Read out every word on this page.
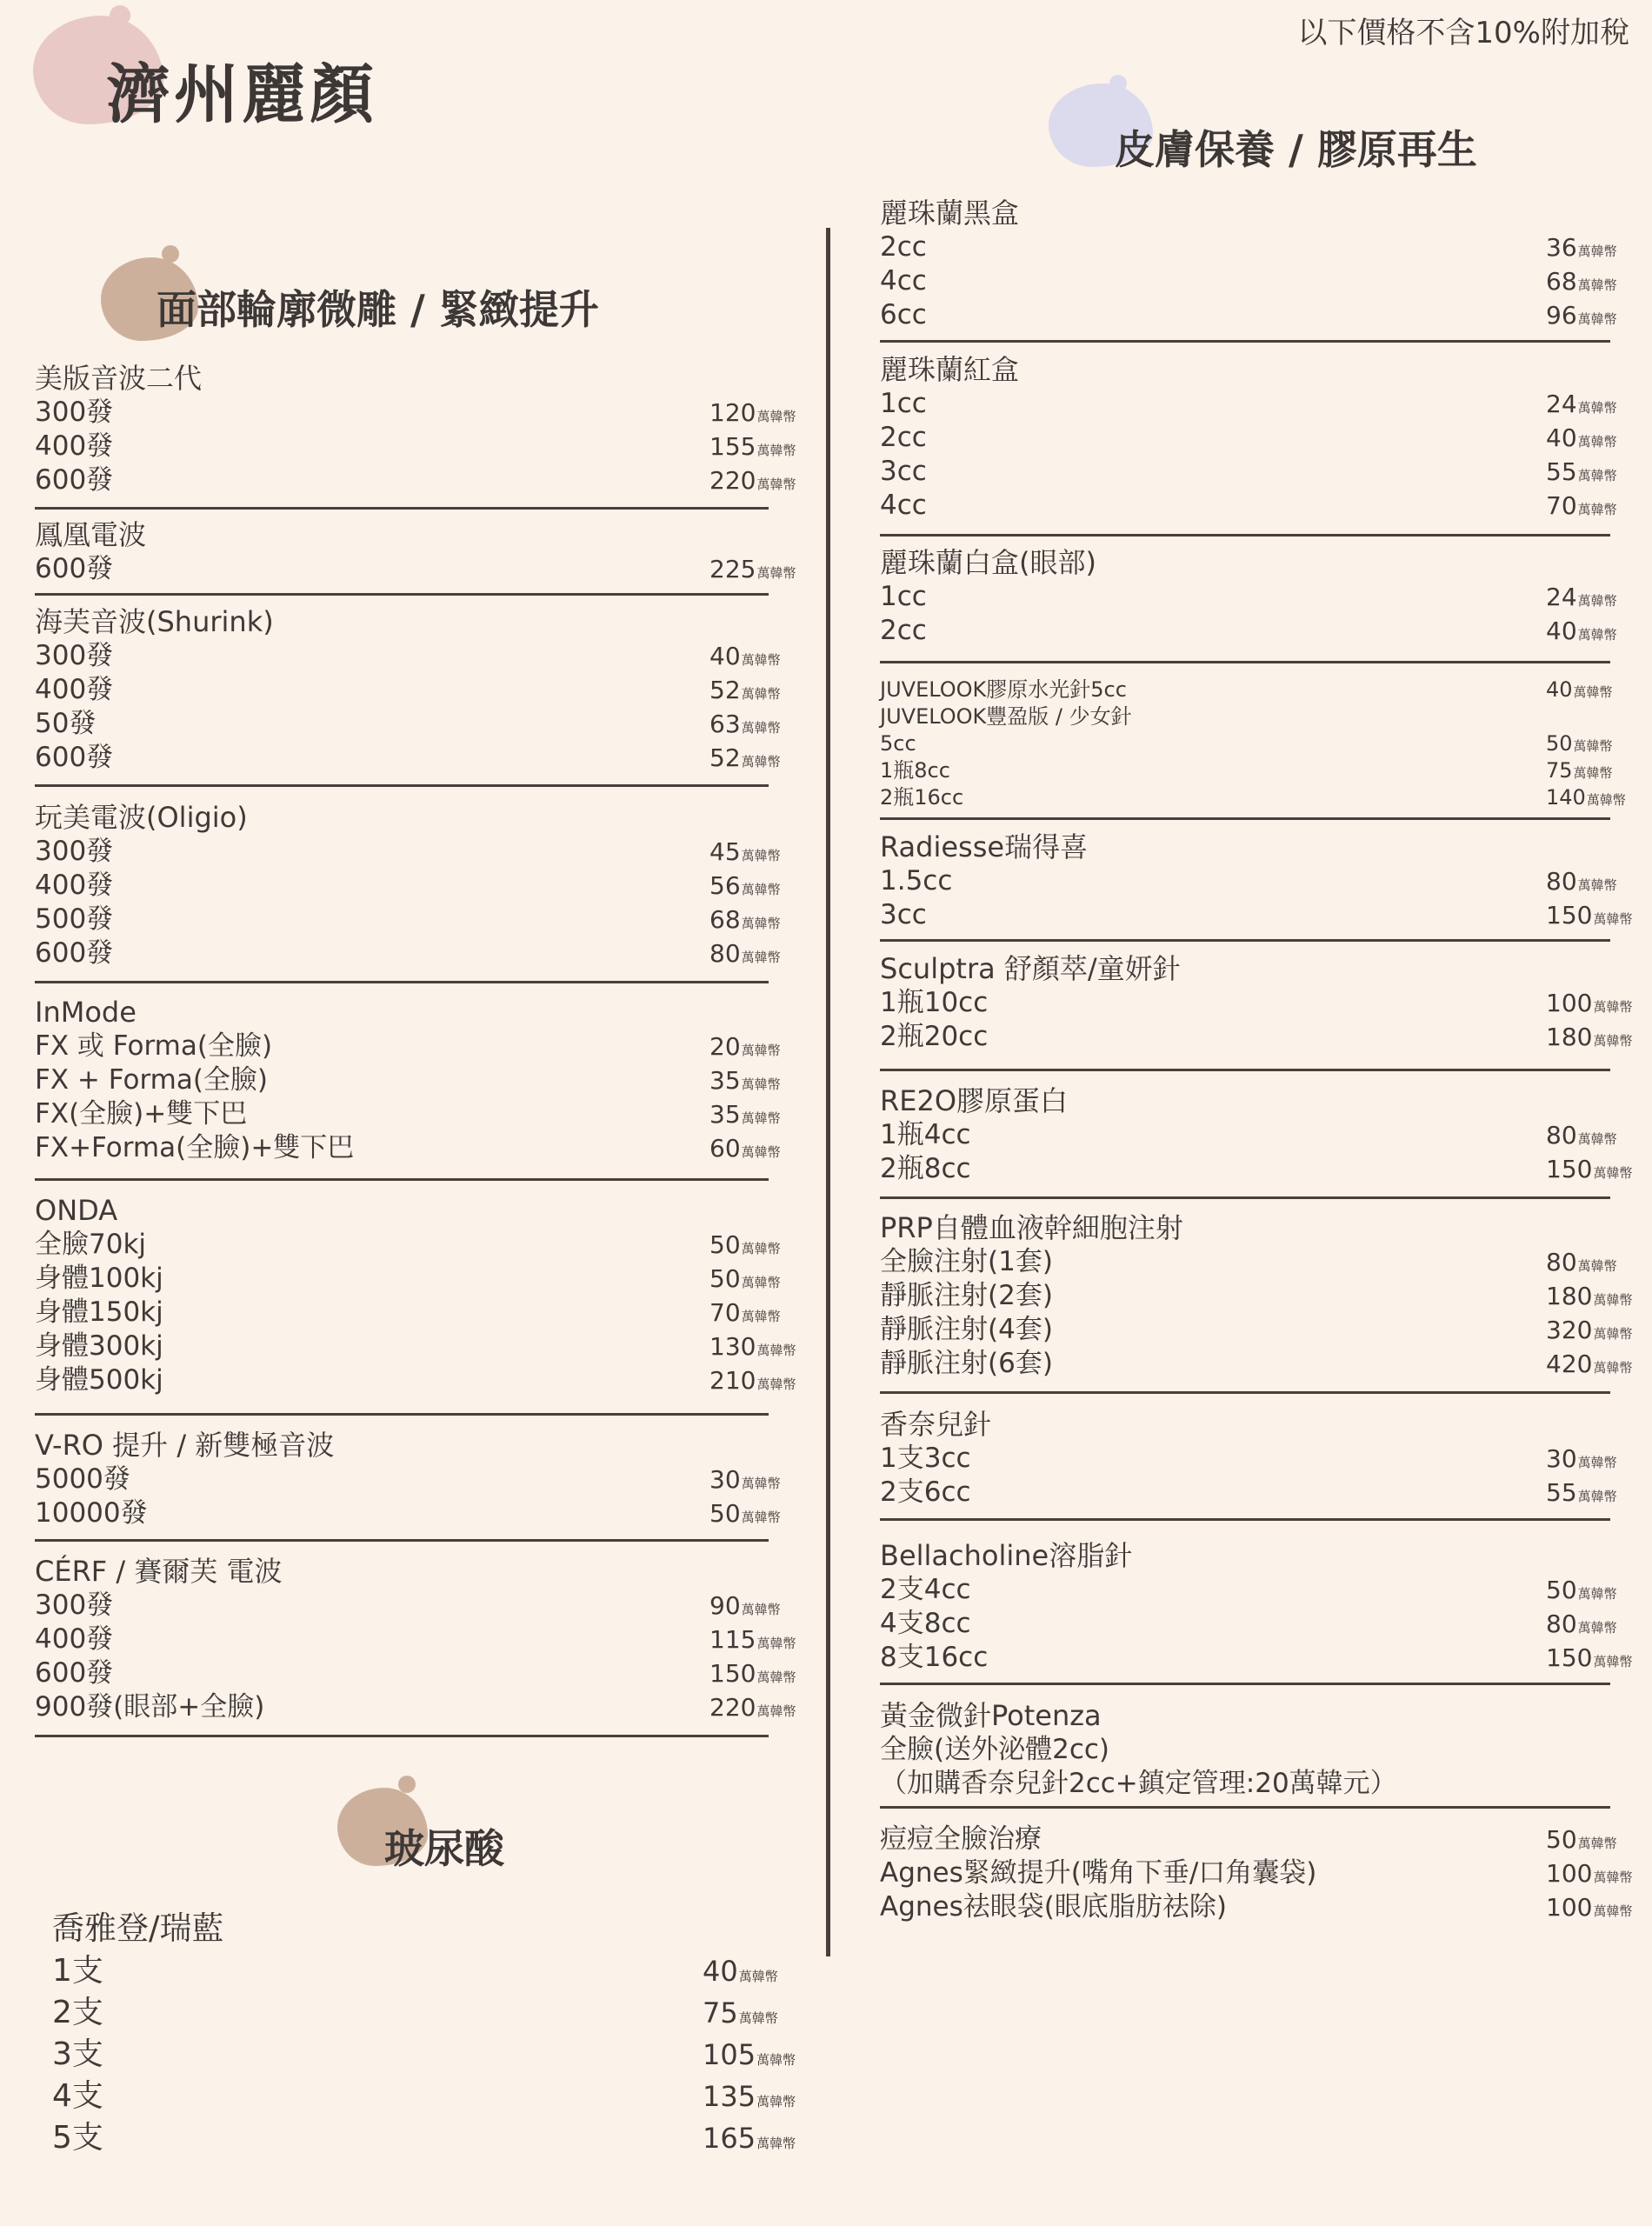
濟州麗顏
以下價格不含10%附加稅
面部輪廓微雕 / 緊緻提升
皮膚保養 / 膠原再生
玻尿酸
美版音波二代
300發	120萬韓幣
400發	155萬韓幣
600發	220萬韓幣
鳳凰電波
600發	225萬韓幣
海芙音波(Shurink)
300發	40萬韓幣
400發	52萬韓幣
50發	63萬韓幣
600發	52萬韓幣
玩美電波(Oligio)
300發	45萬韓幣
400發	56萬韓幣
500發	68萬韓幣
600發	80萬韓幣
InMode
FX 或 Forma(全臉)	20萬韓幣
FX + Forma(全臉)	35萬韓幣
FX(全臉)+雙下巴	35萬韓幣
FX+Forma(全臉)+雙下巴	60萬韓幣
ONDA
全臉70kj	50萬韓幣
身體100kj	50萬韓幣
身體150kj	70萬韓幣
身體300kj	130萬韓幣
身體500kj	210萬韓幣
V-RO 提升 / 新雙極音波
5000發	30萬韓幣
10000發	50萬韓幣
CÉRF / 賽爾芙 電波
300發	90萬韓幣
400發	115萬韓幣
600發	150萬韓幣
900發(眼部+全臉)	220萬韓幣
麗珠蘭黑盒
2cc	36萬韓幣
4cc	68萬韓幣
6cc	96萬韓幣
麗珠蘭紅盒
1cc	24萬韓幣
2cc	40萬韓幣
3cc	55萬韓幣
4cc	70萬韓幣
麗珠蘭白盒(眼部)
1cc	24萬韓幣
2cc	40萬韓幣
JUVELOOK膠原水光針5cc	40萬韓幣
JUVELOOK豐盈版 / 少女針
5cc	50萬韓幣
1瓶8cc	75萬韓幣
2瓶16cc	140萬韓幣
Radiesse瑞得喜
1.5cc	80萬韓幣
3cc	150萬韓幣
Sculptra 舒顏萃/童妍針
1瓶10cc	100萬韓幣
2瓶20cc	180萬韓幣
RE2O膠原蛋白
1瓶4cc	80萬韓幣
2瓶8cc	150萬韓幣
PRP自體血液幹細胞注射
全臉注射(1套)	80萬韓幣
靜脈注射(2套)	180萬韓幣
靜脈注射(4套)	320萬韓幣
靜脈注射(6套)	420萬韓幣
香奈兒針
1支3cc	30萬韓幣
2支6cc	55萬韓幣
Bellacholine溶脂針
2支4cc	50萬韓幣
4支8cc	80萬韓幣
8支16cc	150萬韓幣
黃金微針Potenza
全臉(送外泌體2cc)
（加購香奈兒針2cc+鎮定管理:20萬韓元）
痘痘全臉治療	50萬韓幣
Agnes緊緻提升(嘴角下垂/口角囊袋)	100萬韓幣
Agnes祛眼袋(眼底脂肪祛除)	100萬韓幣
喬雅登/瑞藍
1支	40萬韓幣
2支	75萬韓幣
3支	105萬韓幣
4支	135萬韓幣
5支	165萬韓幣
